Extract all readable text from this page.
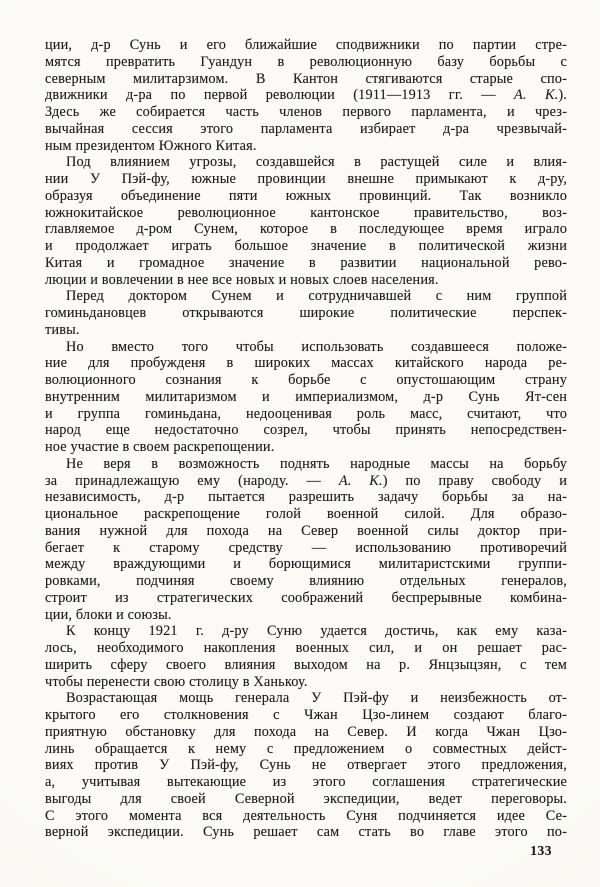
ции, д-р Сунь и его ближайшие сподвижники по партии стре-
мятся превратить Гуандун в революционную базу борьбы с
северным милитарзимом. В Кантон стягиваются старые спо-
движники д-ра по первой революции (1911—1913 гг. — А. К.).
Здесь же собирается часть членов первого парламента, и чрез-
вычайная сессия этого парламента избирает д-ра чрезвычай-
ным президентом Южного Китая.
Под влиянием угрозы, создавшейся в растущей силе и влия-
нии У Пэй-фу, южные провинции внешне примыкают к д-ру,
образуя объединение пяти южных провинций. Так возникло
южнокитайское революционное кантонское правительство, воз-
главляемое д-ром Сунем, которое в последующее время играло
и продолжает играть большое значение в политической жизни
Китая и громадное значение в развитии национальной рево-
люции и вовлечении в нее все новых и новых слоев населения.
Перед доктором Сунем и сотрудничавшей с ним группой
гоминьдановцев открываются широкие политические перспек-
тивы.
Но вместо того чтобы использовать создавшееся положе-
ние для пробужденя в широких массах китайского народа ре-
волюционного сознания к борьбе с опустошающим страну
внутренним милитаризмом и империализмом, д-р Сунь Ят-сен
и группа гоминьдана, недооценивая роль масс, считают, что
народ еще недостаточно созрел, чтобы принять непосредствен-
ное участие в своем раскрепощении.
Не веря в возможность поднять народные массы на борьбу
за принадлежащую ему (народу. — А. К.) по праву свободу и
независимость, д-р пытается разрешить задачу борьбы за на-
циональное раскрепощение голой военной силой. Для образо-
вания нужной для похода на Север военной силы доктор при-
бегает к старому средству — использованию противоречий
между враждующими и борющимися милитаристскими группи-
ровками, подчиняя своему влиянию отдельных генералов,
строит из стратегических соображений беспрерывные комбина-
ции, блоки и союзы.
К концу 1921 г. д-ру Суню удается достичь, как ему каза-
лось, необходимого накопления военных сил, и он решает рас-
ширить сферу своего влияния выходом на р. Янцзыцзян, с тем
чтобы перенести свою столицу в Ханькоу.
Возрастающая мощь генерала У Пэй-фу и неизбежность от-
крытого его столкновения с Чжан Цзо-линем создают благо-
приятную обстановку для похода на Север. И когда Чжан Цзо-
линь обращается к нему с предложением о совместных дейст-
виях против У Пэй-фу, Сунь не отвергает этого предложения,
а, учитывая вытекающие из этого соглашения стратегические
выгоды для своей Северной экспедиции, ведет переговоры.
С этого момента вся деятельность Суня подчиняется идее Се-
верной экспедиции. Сунь решает сам стать во главе этого по-
133
